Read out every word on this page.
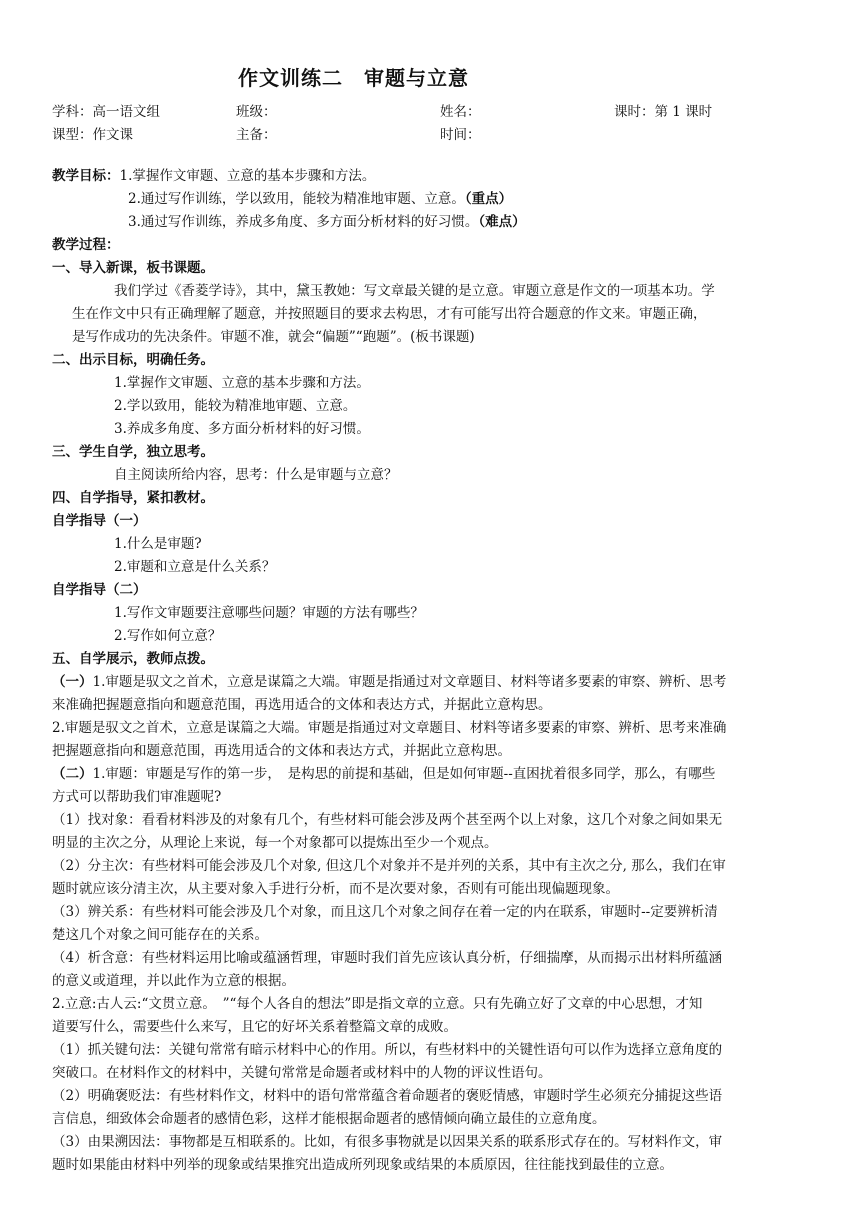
作文训练二　审题与立意
学科：高一语文组	班级：	姓名：	课时：第 1 课时
课型：作文课	主备：	时间：
教学目标：1.掌握作文审题、立意的基本步骤和方法。
2.通过写作训练，学以致用，能较为精准地审题、立意。（重点）
3.通过写作训练，养成多角度、多方面分析材料的好习惯。（难点）
教学过程：
一、导入新课，板书课题。
我们学过《香菱学诗》，其中，黛玉教她：写文章最关键的是立意。审题立意是作文的一项基本功。学
生在作文中只有正确理解了题意，并按照题目的要求去构思，才有可能写出符合题意的作文来。审题正确，
是写作成功的先决条件。审题不准，就会“偏题”“跑题”。(板书课题)
二、出示目标，明确任务。
1.掌握作文审题、立意的基本步骤和方法。
2.学以致用，能较为精准地审题、立意。
3.养成多角度、多方面分析材料的好习惯。
三、学生自学，独立思考。
自主阅读所给内容，思考：什么是审题与立意？
四、自学指导，紧扣教材。
自学指导（一）
1.什么是审题?
2.审题和立意是什么关系？
自学指导（二）
1.写作文审题要注意哪些问题？审题的方法有哪些？
2.写作如何立意？
五、自学展示，教师点拨。
（一）1.审题是驭文之首术，立意是谋篇之大端。审题是指通过对文章题目、材料等诸多要素的审察、辨析、思考
来准确把握题意指向和题意范围，再选用适合的文体和表达方式，并据此立意构思。
2.审题是驭文之首术，立意是谋篇之大端。审题是指通过对文章题目、材料等诸多要素的审察、辨析、思考来准确
把握题意指向和题意范围，再选用适合的文体和表达方式，并据此立意构思。
（二）1.审题：审题是写作的第一步，　是构思的前提和基础，但是如何审题--直困扰着很多同学，那么，有哪些
方式可以帮助我们审准题呢?
（1）找对象：看看材料涉及的对象有几个，有些材料可能会涉及两个甚至两个以上对象，这几个对象之间如果无
明显的主次之分，从理论上来说，每一个对象都可以提炼出至少一个观点。
（2）分主次：有些材料可能会涉及几个对象, 但这几个对象并不是并列的关系，其中有主次之分, 那么，我们在审
题时就应该分清主次，从主要对象入手进行分析，而不是次要对象，否则有可能出现偏题现象。
（3）辨关系：有些材料可能会涉及几个对象，而且这几个对象之间存在着一定的内在联系，审题时--定要辨析清
楚这几个对象之间可能存在的关系。
（4）析含意：有些材料运用比喻或蕴涵哲理，审题时我们首先应该认真分析，仔细揣摩，从而揭示出材料所蕴涵
的意义或道理，并以此作为立意的根据。
2.立意:古人云:“文贯立意。　”“每个人各自的想法”即是指文章的立意。只有先确立好了文章的中心思想，才知
道要写什么，需要些什么来写，且它的好坏关系着整篇文章的成败。
（1）抓关键句法：关键句常常有暗示材料中心的作用。所以，有些材料中的关键性语句可以作为选择立意角度的
突破口。在材料作文的材料中，关键句常常是命题者或材料中的人物的评议性语句。
（2）明确褒贬法：有些材料作文，材料中的语句常常蕴含着命题者的褒贬情感，审题时学生必须充分捕捉这些语
言信息，细致体会命题者的感情色彩，这样才能根据命题者的感情倾向确立最佳的立意角度。
（3）由果溯因法：事物都是互相联系的。比如，有很多事物就是以因果关系的联系形式存在的。写材料作文，审
题时如果能由材料中列举的现象或结果推究出造成所列现象或结果的本质原因，往往能找到最佳的立意。
